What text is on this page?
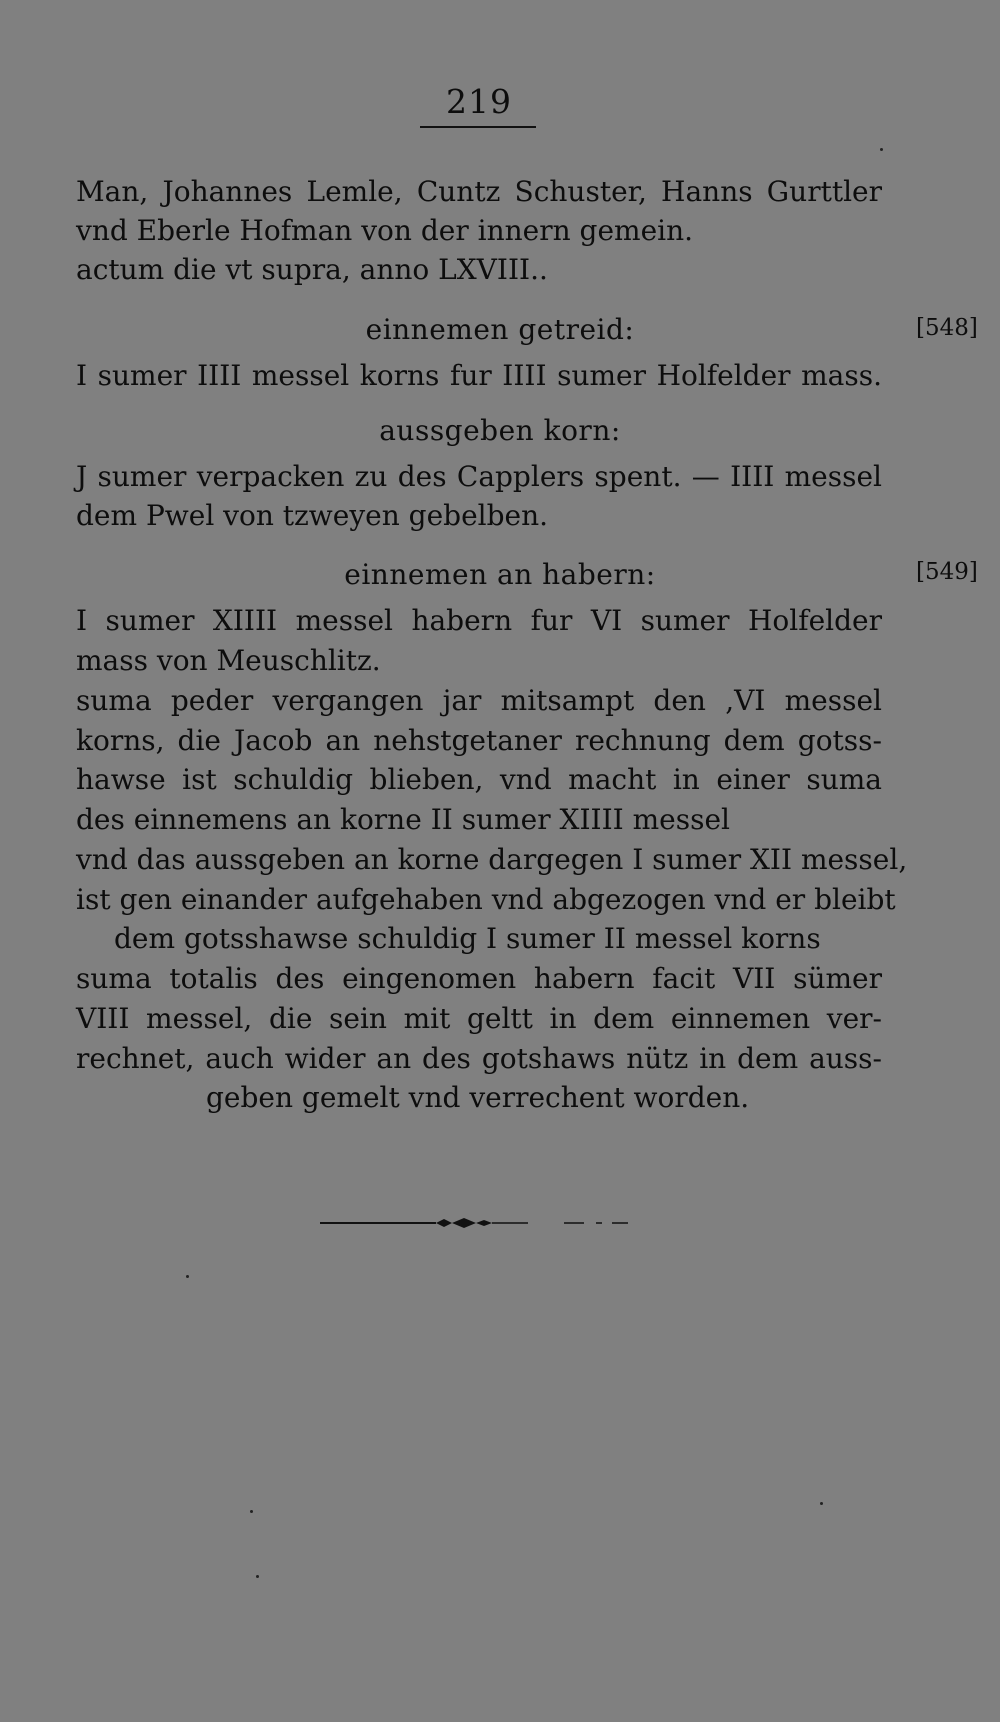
219
Man, Johannes Lemle, Cuntz Schuster, Hanns Gurttler
vnd Eberle Hofman von der innern gemein.
actum die vt supra, anno LXVIII..
einnemen getreid:	[548]
I sumer IIII messel korns fur IIII sumer Holfelder mass.
aussgeben korn:
J sumer verpacken zu des Capplers spent. — IIII messel
dem Pwel von tzweyen gebelben.
einnemen an habern:	[549]
I sumer XIIII messel habern fur VI sumer Holfelder
mass von Meuschlitz.
suma peder vergangen jar mitsampt den ,VI messel
korns, die Jacob an nehstgetaner rechnung dem gotss-
hawse ist schuldig blieben, vnd macht in einer suma
des einnemens an korne II sumer XIIII messel
vnd das aussgeben an korne dargegen I sumer XII messel,
ist gen einander aufgehaben vnd abgezogen vnd er bleibt
dem gotsshawse schuldig I sumer II messel korns
suma totalis des eingenomen habern facit VII sümer
VIII messel, die sein mit geltt in dem einnemen ver-
rechnet, auch wider an des gotshaws nütz in dem auss-
geben gemelt vnd verrechent worden.
